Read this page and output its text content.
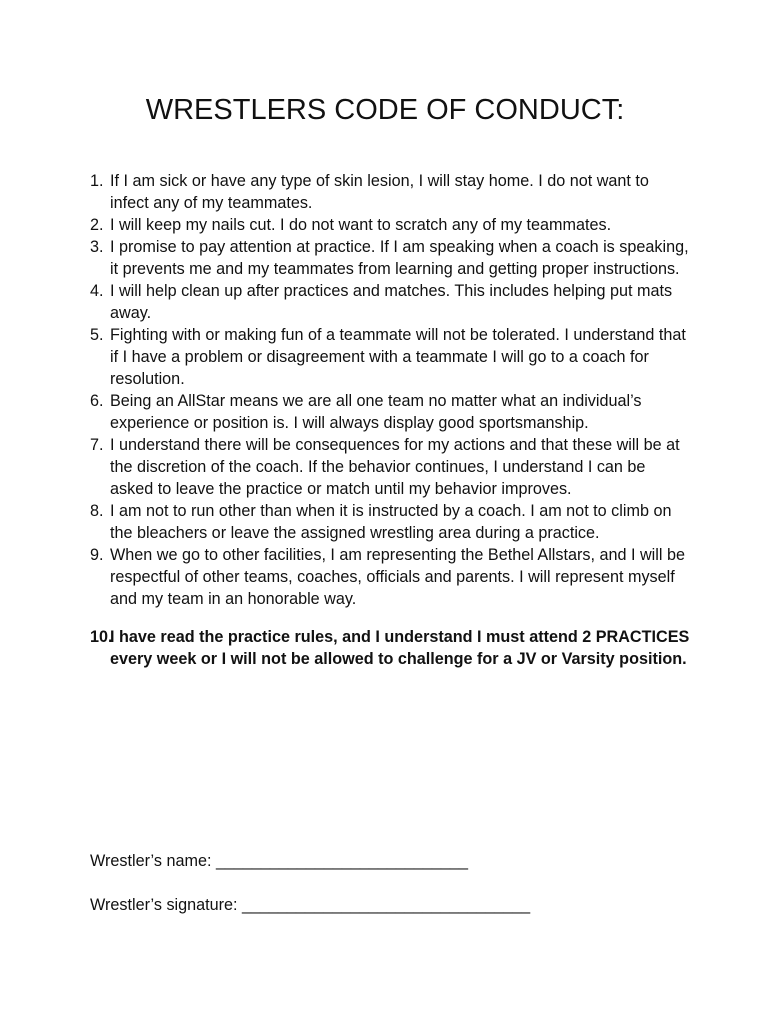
WRESTLERS CODE OF CONDUCT:
1. If I am sick or have any type of skin lesion, I will stay home. I do not want to infect any of my teammates.
2. I will keep my nails cut. I do not want to scratch any of my teammates.
3. I promise to pay attention at practice. If I am speaking when a coach is speaking, it prevents me and my teammates from learning and getting proper instructions.
4. I will help clean up after practices and matches. This includes helping put mats away.
5. Fighting with or making fun of a teammate will not be tolerated. I understand that if I have a problem or disagreement with a teammate I will go to a coach for resolution.
6. Being an AllStar means we are all one team no matter what an individual’s experience or position is. I will always display good sportsmanship.
7. I understand there will be consequences for my actions and that these will be at the discretion of the coach. If the behavior continues, I understand I can be asked to leave the practice or match until my behavior improves.
8. I am not to run other than when it is instructed by a coach. I am not to climb on the bleachers or leave the assigned wrestling area during a practice.
9. When we go to other facilities, I am representing the Bethel Allstars, and I will be respectful of other teams, coaches, officials and parents. I will represent myself and my team in an honorable way.
10.
I have read the practice rules, and I understand I must attend 2 PRACTICES every week or I will not be allowed to challenge for a JV or Varsity position.

Wrestler’s name: ____________________________

Wrestler’s signature: ________________________________
